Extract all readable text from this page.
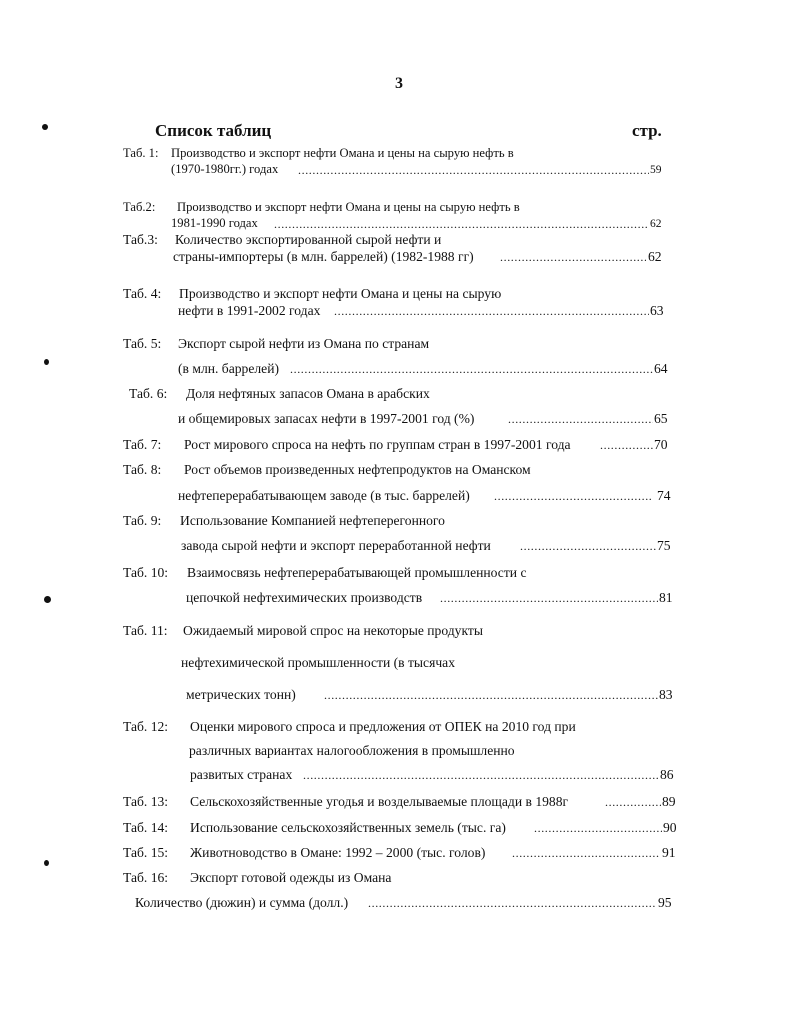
3
Список таблиц	стр.
Таб. 1: Производство и экспорт нефти Омана и цены на сырую нефть в
(1970-1980гг.) годах .....	59
Таб.2: Производство и экспорт нефти Омана и цены на сырую нефть в
1981-1990 годах .....	62
Таб.3: Количество экспортированной сырой нефти и
страны-импортеры (в млн. баррелей) (1982-1988 гг) .....	62
Таб. 4: Производство и экспорт нефти Омана и цены на сырую
нефти в 1991-2002 годах .....	63
Таб. 5: Экспорт сырой нефти из Омана по странам
(в млн. баррелей) .....	64
Таб. 6: Доля нефтяных запасов Омана в арабских
и общемировых запасах нефти в 1997-2001 год (%) .....	65
Таб. 7: Рост мирового спроса на нефть по группам стран в 1997-2001 года .....	70
Таб. 8: Рост объемов произведенных нефтепродуктов на Оманском
нефтеперерабатывающем заводе (в тыс. баррелей) .....	74
Таб. 9: Использование Компанией нефтеперегонного
завода сырой нефти и экспорт переработанной нефти .....	75
Таб. 10: Взаимосвязь нефтеперерабатывающей промышленности с
цепочкой нефтехимических производств .....	81
Таб. 11: Ожидаемый мировой спрос на некоторые продукты
нефтехимической промышленности (в тысячах
метрических тонн) .....	83
Таб. 12: Оценки мирового спроса и предложения от ОПЕК на 2010 год при
различных вариантах налогообложения в промышленно
развитых странах .....	86
Таб. 13: Сельскохозяйственные угодья и возделываемые площади в 1988г .....	89
Таб. 14: Использование сельскохозяйственных земель (тыс. га) .....	90
Таб. 15: Животноводство в Омане: 1992 – 2000 (тыс. голов) .....	91
Таб. 16: Экспорт готовой одежды из Омана
Количество (дюжин) и сумма (долл.) .....	95
